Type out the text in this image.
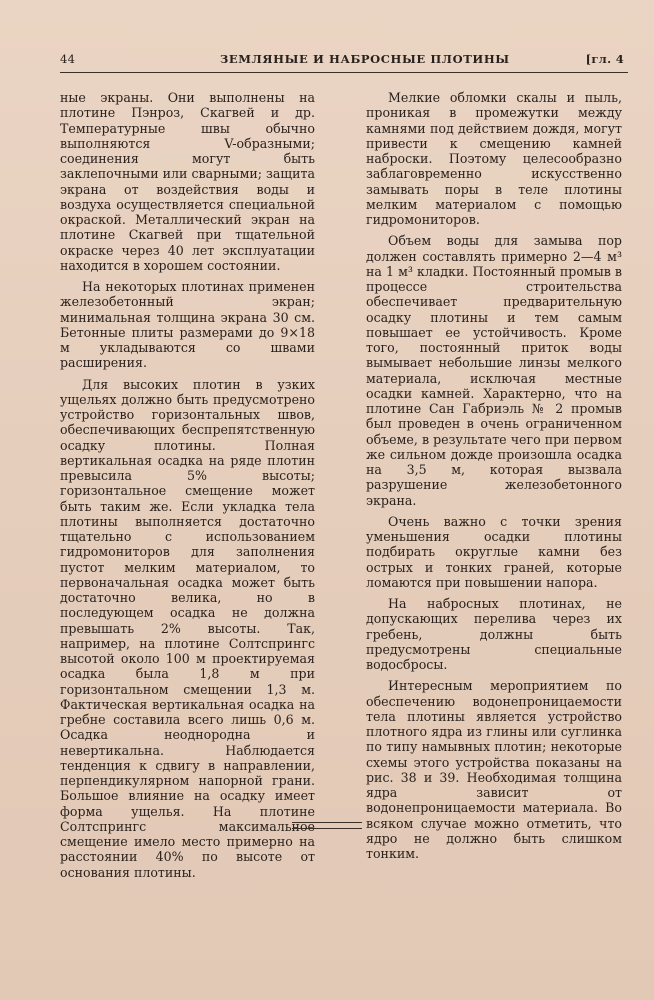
44	ЗЕМЛЯНЫЕ И НАБРОСНЫЕ ПЛОТИНЫ	[гл. 4

ные экраны. Они выполнены на плотине Пэнроз, Скагвей и др. Температурные швы обычно выполняются V-образными; соединения могут быть заклепочными или сварными; защита экрана от воздействия воды и воздуха осуществляется специальной окраской. Металлический экран на плотине Скагвей при тщательной окраске через 40 лет эксплуатации находится в хорошем состоянии.

На некоторых плотинах применен железобетонный экран; минимальная толщина экрана 30 см. Бетонные плиты размерами до 9×18 м укладываются со швами расширения.

Для высоких плотин в узких ущельях должно быть предусмотрено устройство горизонтальных швов, обеспечивающих беспрепятственную осадку плотины. Полная вертикальная осадка на ряде плотин превысила 5% высоты; горизонтальное смещение может быть таким же. Если укладка тела плотины выполняется достаточно тщательно с использованием гидромониторов для заполнения пустот мелким материалом, то первоначальная осадка может быть достаточно велика, но в последующем осадка не должна превышать 2% высоты. Так, например, на плотине Солтспрингс высотой около 100 м проектируемая осадка была 1,8 м при горизонтальном смещении 1,3 м. Фактическая вертикальная осадка на гребне составила всего лишь 0,6 м. Осадка неоднородна и невертикальна. Наблюдается тенденция к сдвигу в направлении, перпендикулярном напорной грани. Большое влияние на осадку имеет форма ущелья. На плотине Солтспрингс максимальное смещение имело место примерно на расстоянии 40% по высоте от основания плотины.

Мелкие обломки скалы и пыль, проникая в промежутки между камнями под действием дождя, могут привести к смещению камней наброски. Поэтому целесообразно заблаговременно искусственно замывать поры в теле плотины мелким материалом с помощью гидромониторов.

Объем воды для замыва пор должен составлять примерно 2—4 м³ на 1 м³ кладки. Постоянный промыв в процессе строительства обеспечивает предварительную осадку плотины и тем самым повышает ее устойчивость. Кроме того, постоянный приток воды вымывает небольшие линзы мелкого материала, исключая местные осадки камней. Характерно, что на плотине Сан Габриэль № 2 промыв был проведен в очень ограниченном объеме, в результате чего при первом же сильном дожде произошла осадка на 3,5 м, которая вызвала разрушение железобетонного экрана.

Очень важно с точки зрения уменьшения осадки плотины подбирать округлые камни без острых и тонких граней, которые ломаются при повышении напора.

На набросных плотинах, не допускающих перелива через их гребень, должны быть предусмотрены специальные водосбросы.

Интересным мероприятием по обеспечению водонепроницаемости тела плотины является устройство плотного ядра из глины или суглинка по типу намывных плотин; некоторые схемы этого устройства показаны на рис. 38 и 39. Необходимая толщина ядра зависит от водонепроницаемости материала. Во всяком случае можно отметить, что ядро не должно быть слишком тонким.
